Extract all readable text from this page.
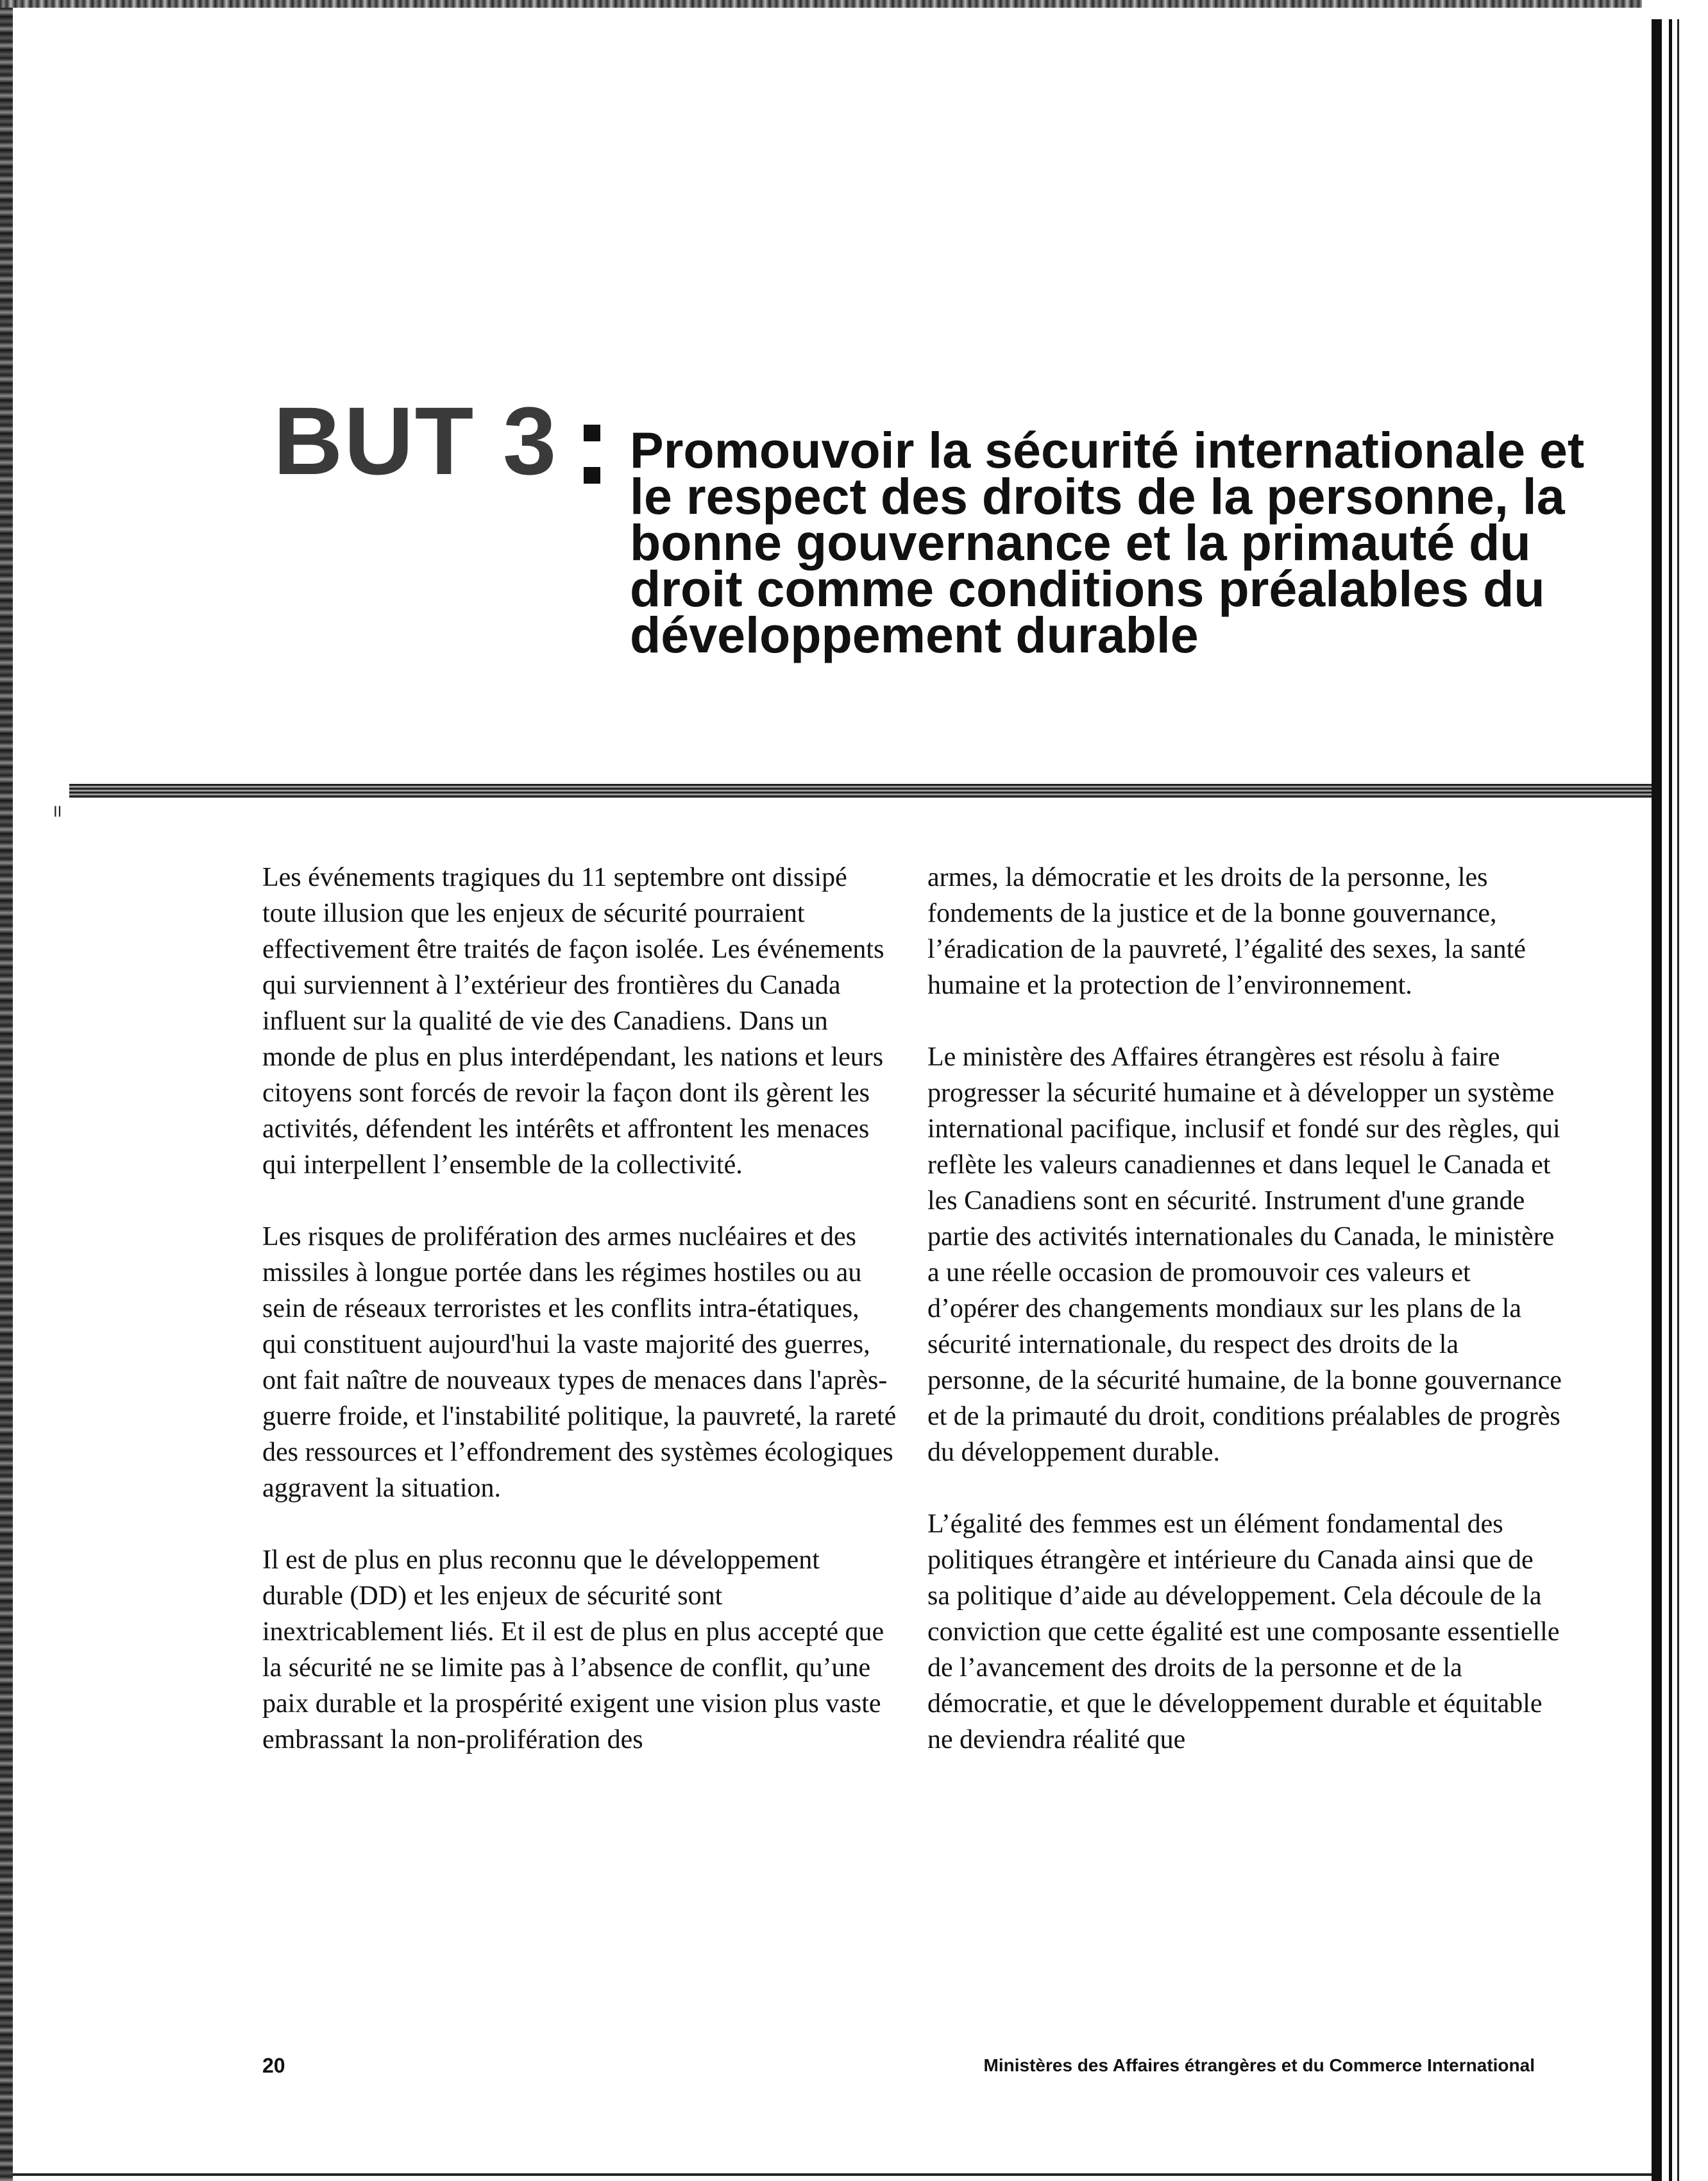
II
BUT 3 Promouvoir la sécurité internationale et le respect des droits de la personne, la bonne gouvernance et la primauté du droit comme conditions préalables du développement durable

Les événements tragiques du 11 septembre ont dissipé toute illusion que les enjeux de sécurité pourraient effectivement être traités de façon isolée. Les événements qui surviennent à l’extérieur des frontières du Canada influent sur la qualité de vie des Canadiens. Dans un monde de plus en plus interdépendant, les nations et leurs citoyens sont forcés de revoir la façon dont ils gèrent les activités, défendent les intérêts et affrontent les menaces qui interpellent l’ensemble de la collectivité.

Les risques de prolifération des armes nucléaires et des missiles à longue portée dans les régimes hostiles ou au sein de réseaux terroristes et les conflits intra-étatiques, qui constituent aujourd'hui la vaste majorité des guerres, ont fait naître de nouveaux types de menaces dans l'après-guerre froide, et l'instabilité politique, la pauvreté, la rareté des ressources et l’effondrement des systèmes écologiques aggravent la situation.

Il est de plus en plus reconnu que le développement durable (DD) et les enjeux de sécurité sont inextricablement liés. Et il est de plus en plus accepté que la sécurité ne se limite pas à l’absence de conflit, qu’une paix durable et la prospérité exigent une vision plus vaste embrassant la non-prolifération des

armes, la démocratie et les droits de la personne, les fondements de la justice et de la bonne gouvernance, l’éradication de la pauvreté, l’égalité des sexes, la santé humaine et la protection de l’environnement.

Le ministère des Affaires étrangères est résolu à faire progresser la sécurité humaine et à développer un système international pacifique, inclusif et fondé sur des règles, qui reflète les valeurs canadiennes et dans lequel le Canada et les Canadiens sont en sécurité. Instrument d'une grande partie des activités internationales du Canada, le ministère a une réelle occasion de promouvoir ces valeurs et d’opérer des changements mondiaux sur les plans de la sécurité internationale, du respect des droits de la personne, de la sécurité humaine, de la bonne gouvernance et de la primauté du droit, conditions préalables de progrès du développement durable.

L’égalité des femmes est un élément fondamental des politiques étrangère et intérieure du Canada ainsi que de sa politique d’aide au développement. Cela découle de la conviction que cette égalité est une composante essentielle de l’avancement des droits de la personne et de la démocratie, et que le développement durable et équitable ne deviendra réalité que

20	Ministères des Affaires étrangères et du Commerce International
